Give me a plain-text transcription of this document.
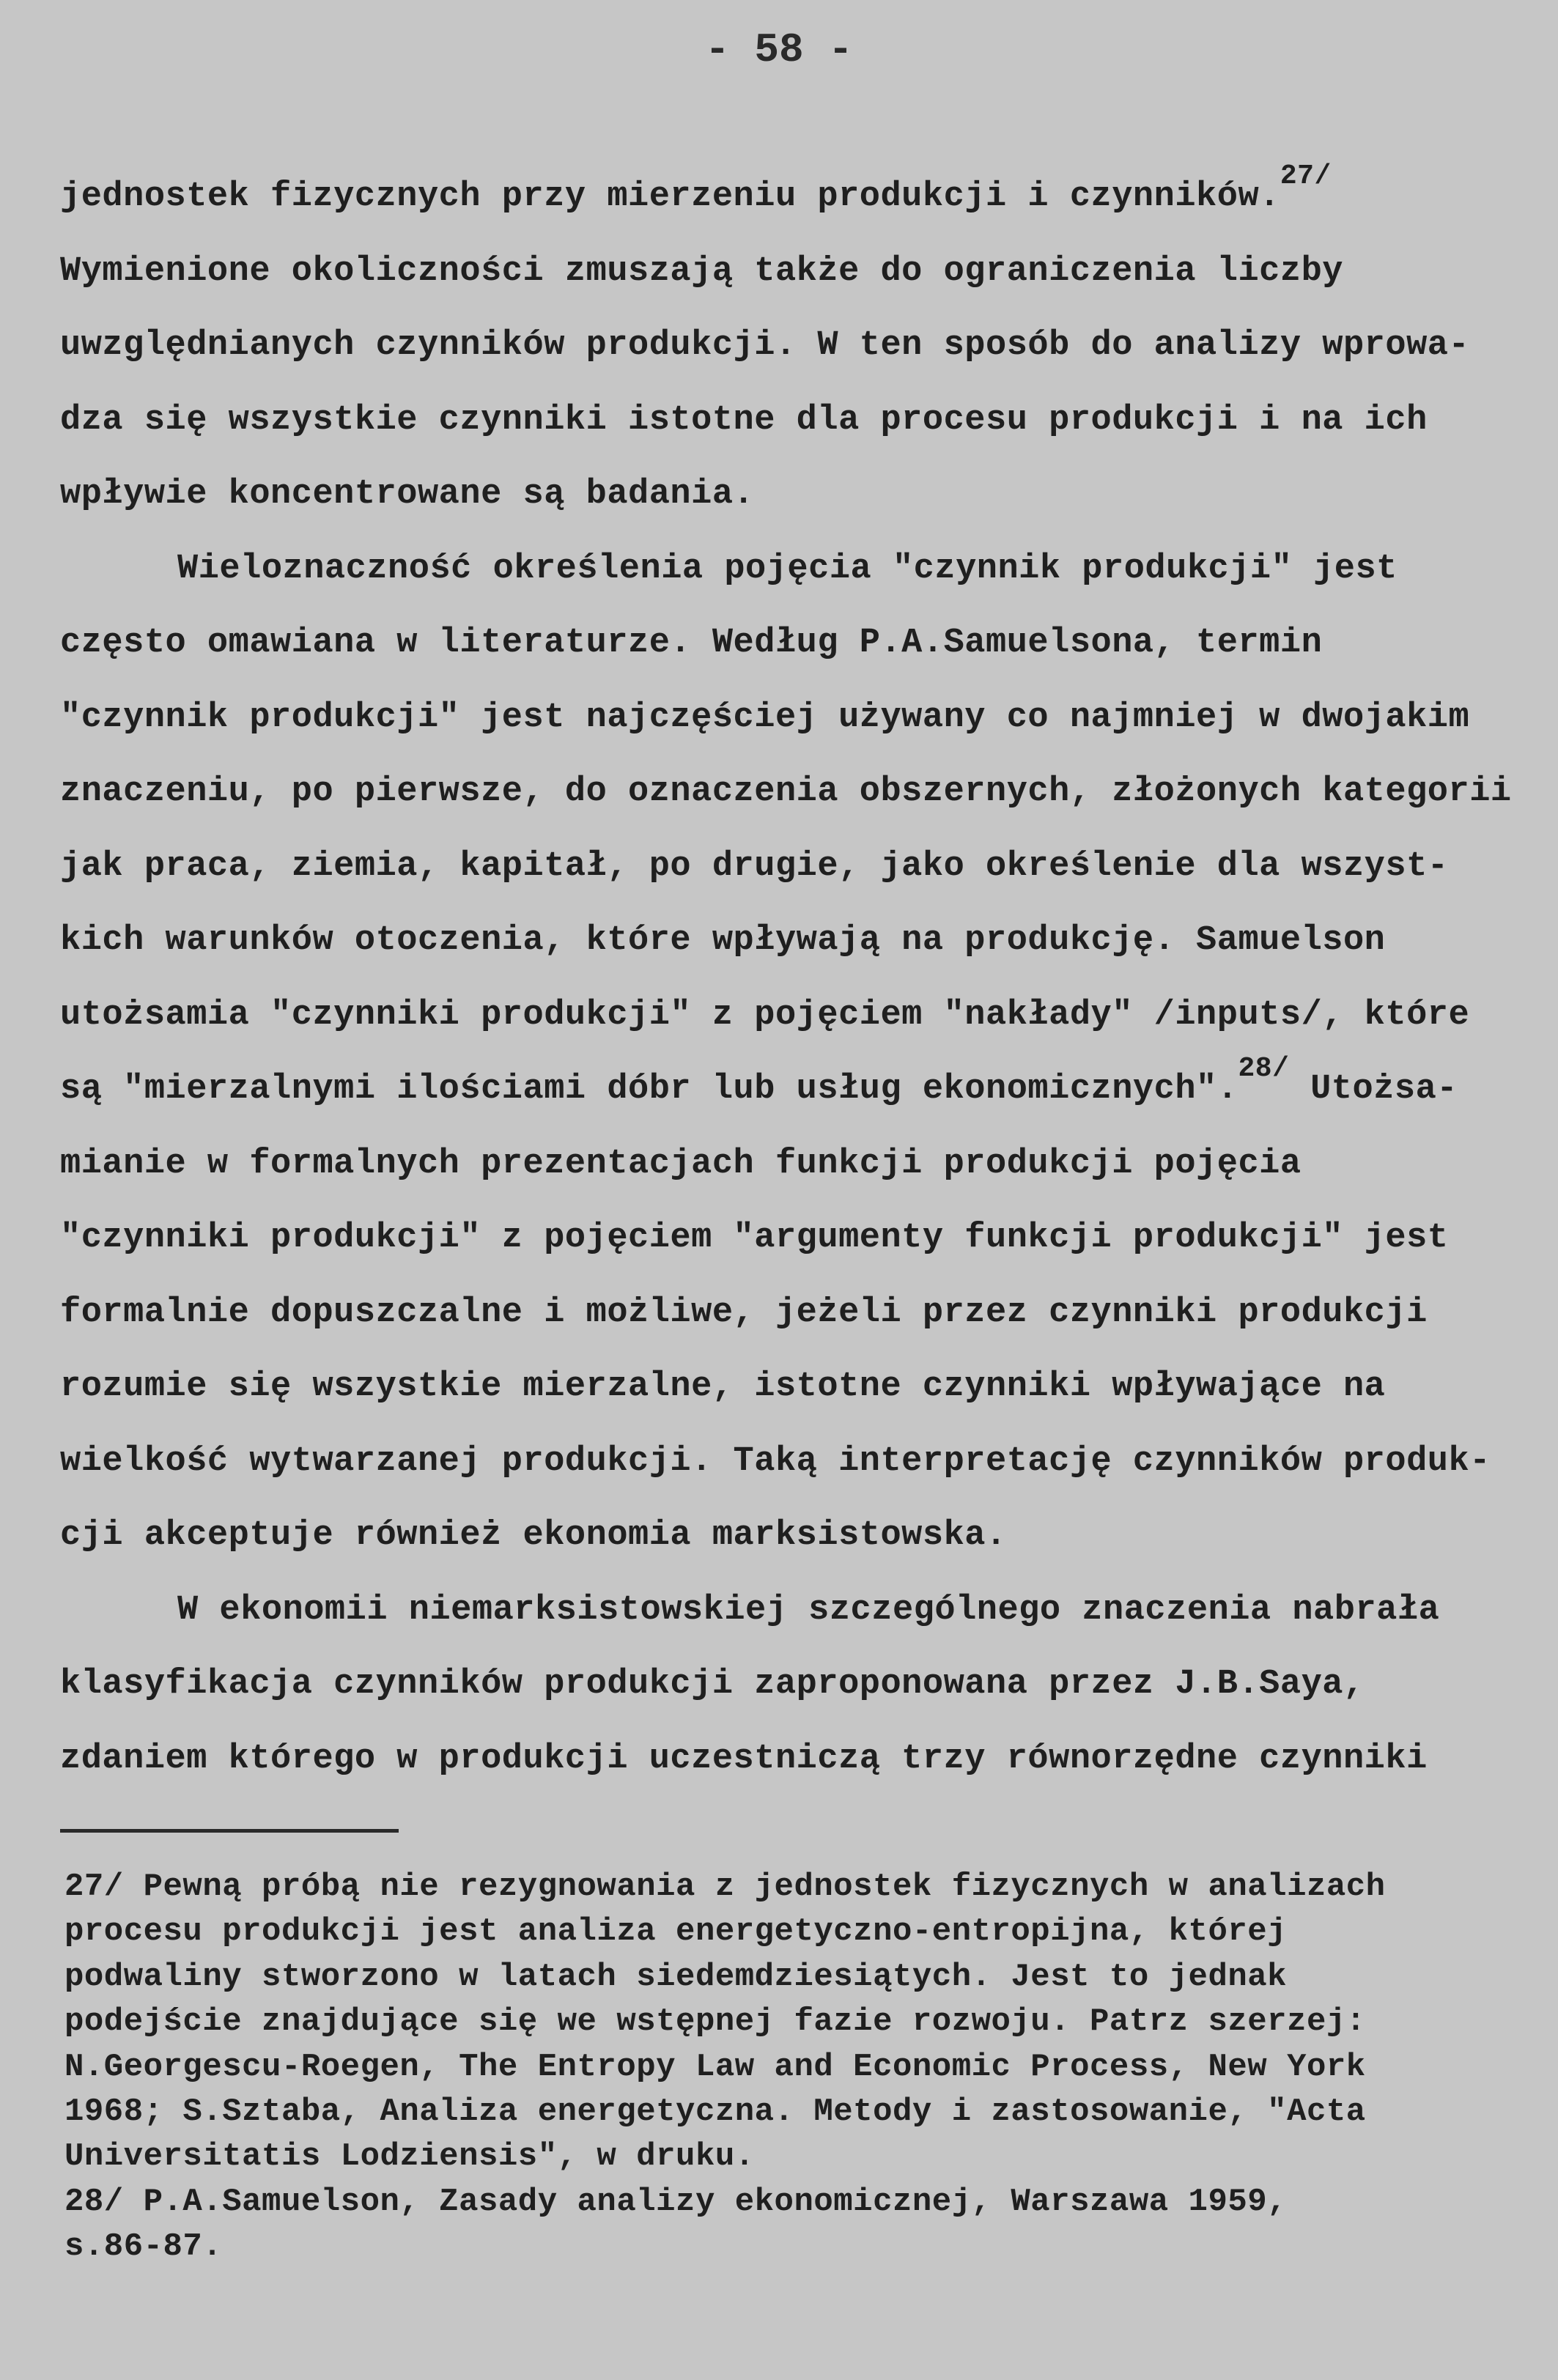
- 58 -
jednostek fizycznych przy mierzeniu produkcji i czynników.$^{27/}$
Wymienione okoliczności zmuszają także do ograniczenia liczby
uwzględnianych czynników produkcji. W ten sposób do analizy wprowa-
dza się wszystkie czynniki istotne dla procesu produkcji i na ich
wpływie koncentrowane są badania.
Wieloznaczność określenia pojęcia "czynnik produkcji" jest
często omawiana w literaturze. Według P.A.Samuelsona, termin
"czynnik produkcji" jest najczęściej używany co najmniej w dwojakim
znaczeniu, po pierwsze, do oznaczenia obszernych, złożonych kategorii
jak praca, ziemia, kapitał, po drugie, jako określenie dla wszyst-
kich warunków otoczenia, które wpływają na produkcję. Samuelson
utożsamia "czynniki produkcji" z pojęciem "nakłady" /inputs/, które
są "mierzalnymi ilościami dóbr lub usług ekonomicznych".$^{28/}$ Utożsa-
mianie w formalnych prezentacjach funkcji produkcji pojęcia
"czynniki produkcji" z pojęciem "argumenty funkcji produkcji" jest
formalnie dopuszczalne i możliwe, jeżeli przez czynniki produkcji
rozumie się wszystkie mierzalne, istotne czynniki wpływające na
wielkość wytwarzanej produkcji. Taką interpretację czynników produk-
cji akceptuje również ekonomia marksistowska.
W ekonomii niemarksistowskiej szczególnego znaczenia nabrała
klasyfikacja czynników produkcji zaproponowana przez J.B.Saya,
zdaniem którego w produkcji uczestniczą trzy równorzędne czynniki
27/ Pewną próbą nie rezygnowania z jednostek fizycznych w analizach
procesu produkcji jest analiza energetyczno-entropijna, której
podwaliny stworzono w latach siedemdziesiątych. Jest to jednak
podejście znajdujące się we wstępnej fazie rozwoju. Patrz szerzej:
N.Georgescu-Roegen, The Entropy Law and Economic Process, New York
1968; S.Sztaba, Analiza energetyczna. Metody i zastosowanie, "Acta
Universitatis Lodziensis", w druku.
28/ P.A.Samuelson, Zasady analizy ekonomicznej, Warszawa 1959,
s.86-87.
